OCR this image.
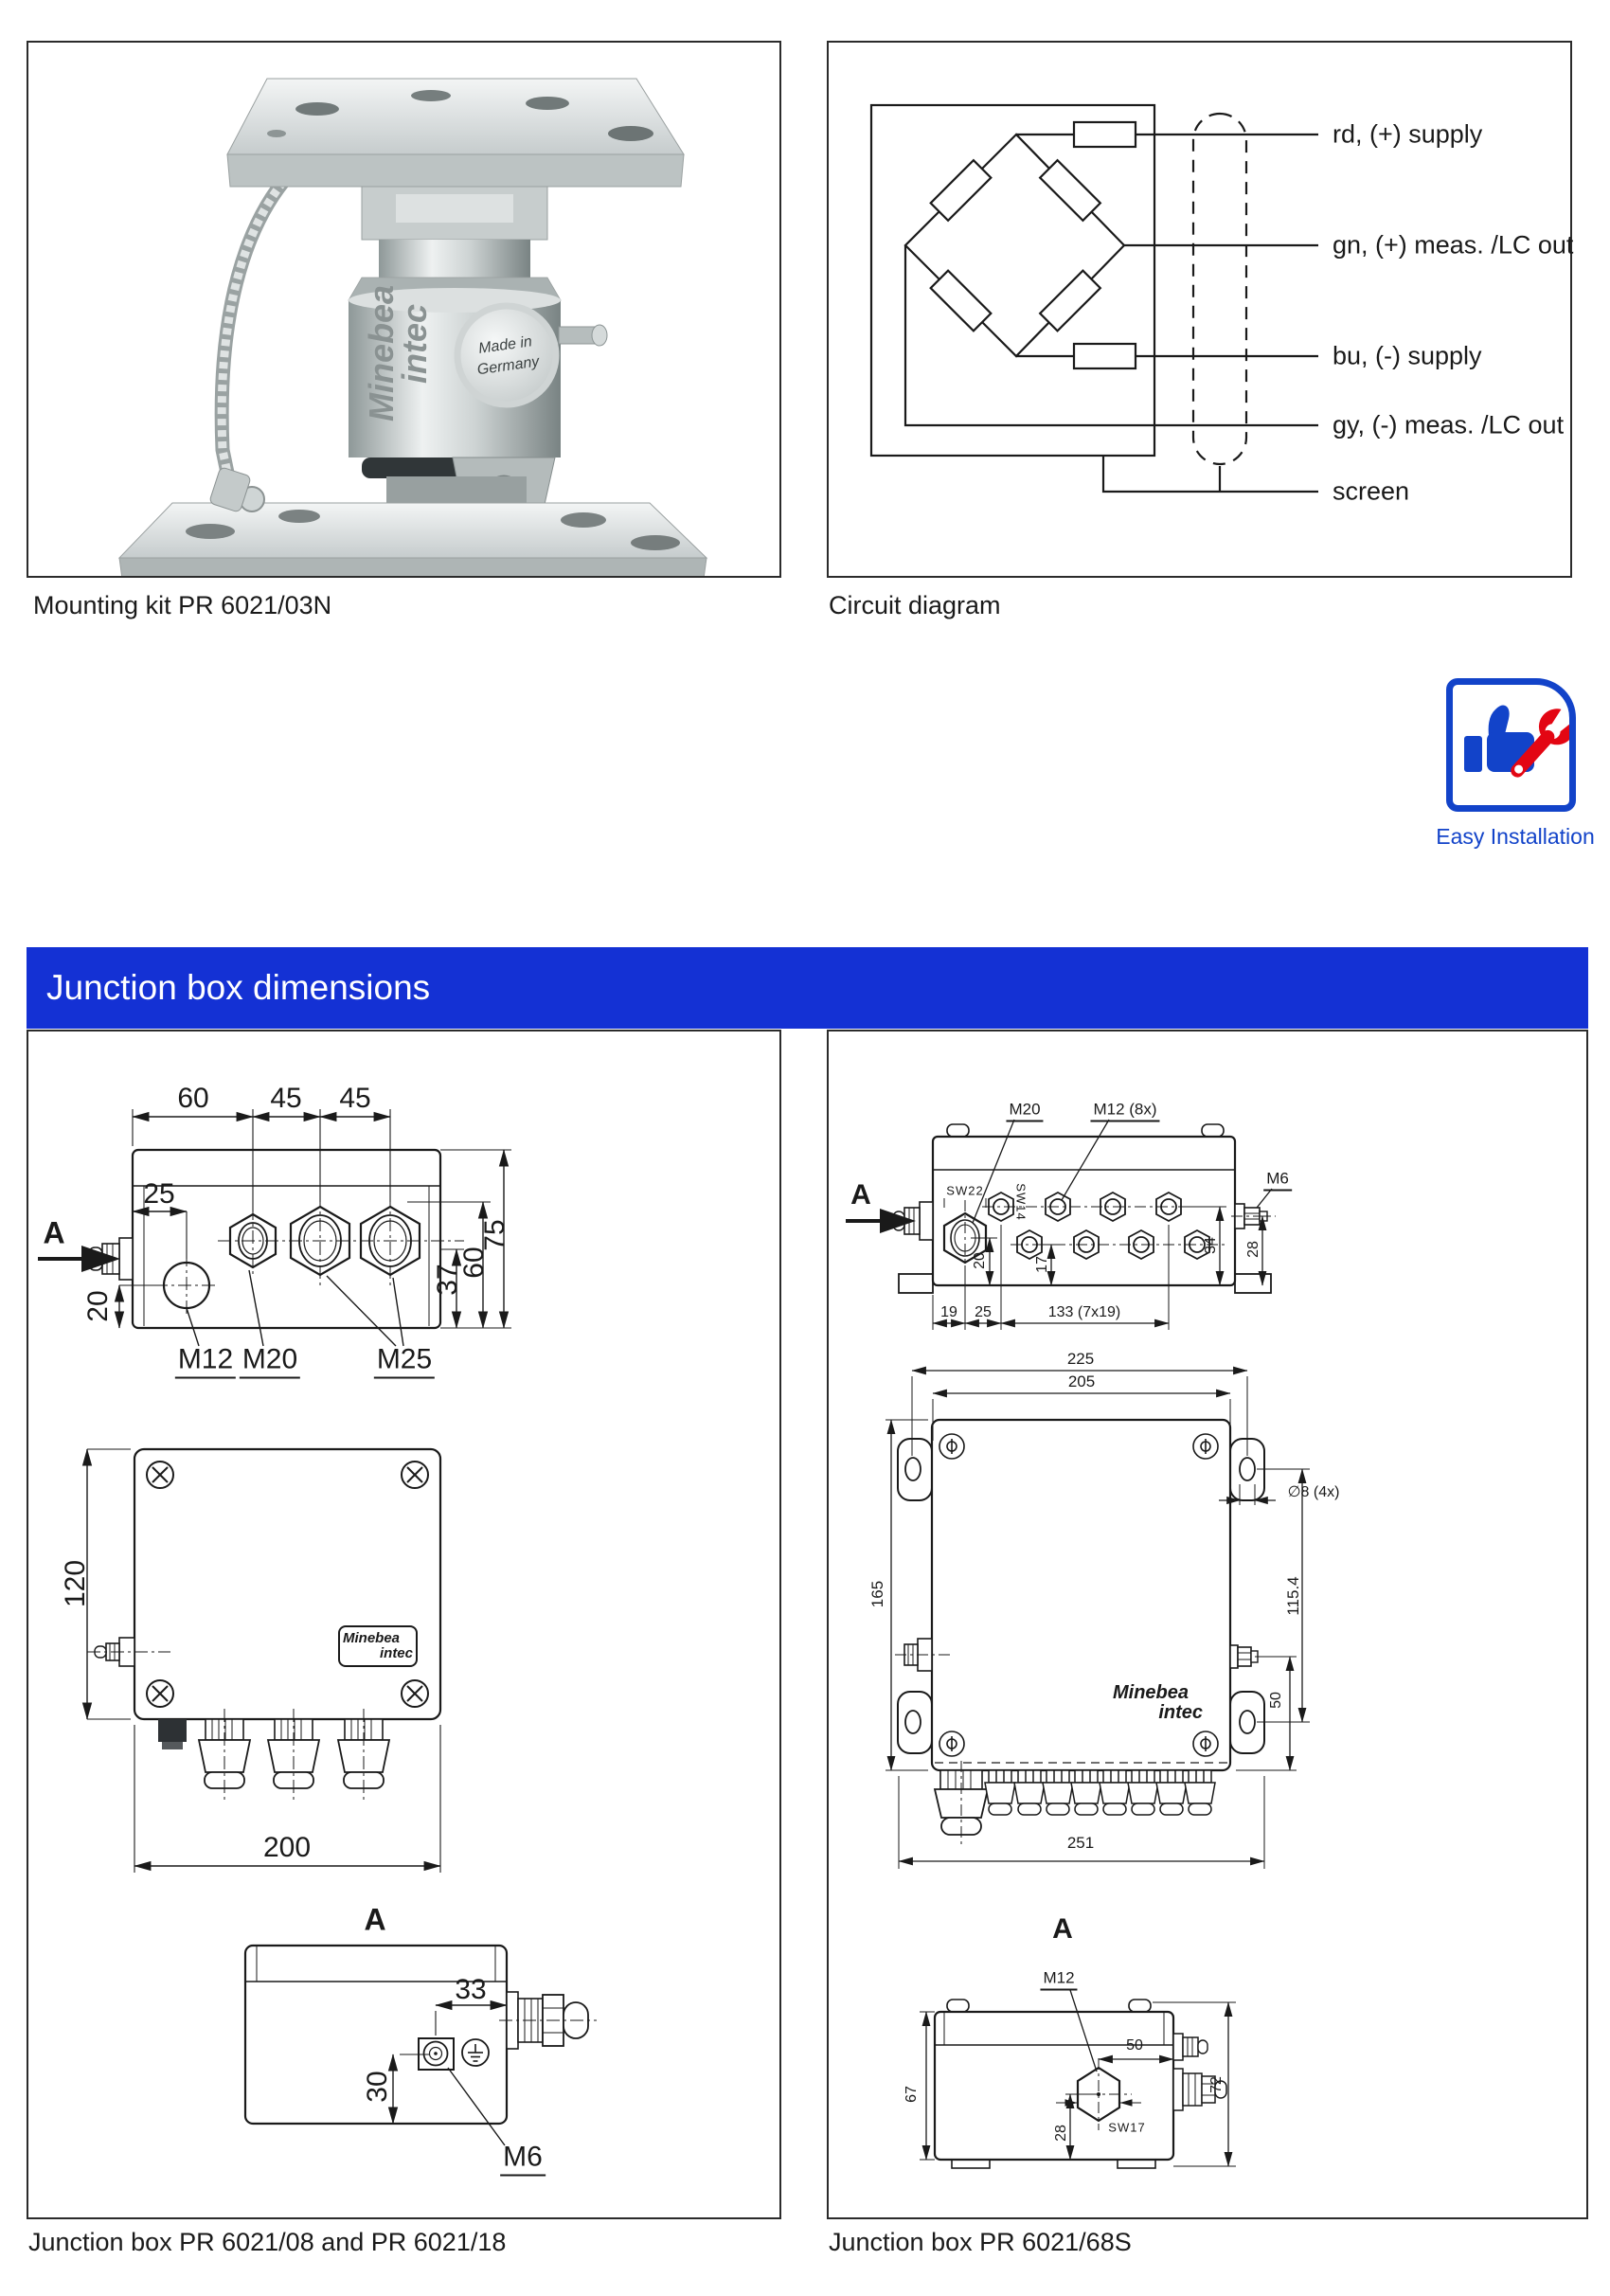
Minebea
intec	Made in
Germany
rd, (+) supply
gn, (+) meas. /LC out
bu, (-) supply
gy, (-) meas. /LC out
screen
Mounting kit PR 6021/03N	Circuit diagram
Easy Installation
Junction box dimensions
A
60 45 45
25
20
37
60
75
M12 M20	M25
120
200
Minebea
intec
A
33
30
M6
A
M20	M12 (8x)
M6
SW22 SW14
20	17
34 28
19 25	133 (7x19)
225
205
165	115.4
∅8 (4x)
50
251
Minebea
intec
A
M12
50
28	SW17
67
72
Junction box PR 6021/08 and PR 6021/18	Junction box PR 6021/68S
